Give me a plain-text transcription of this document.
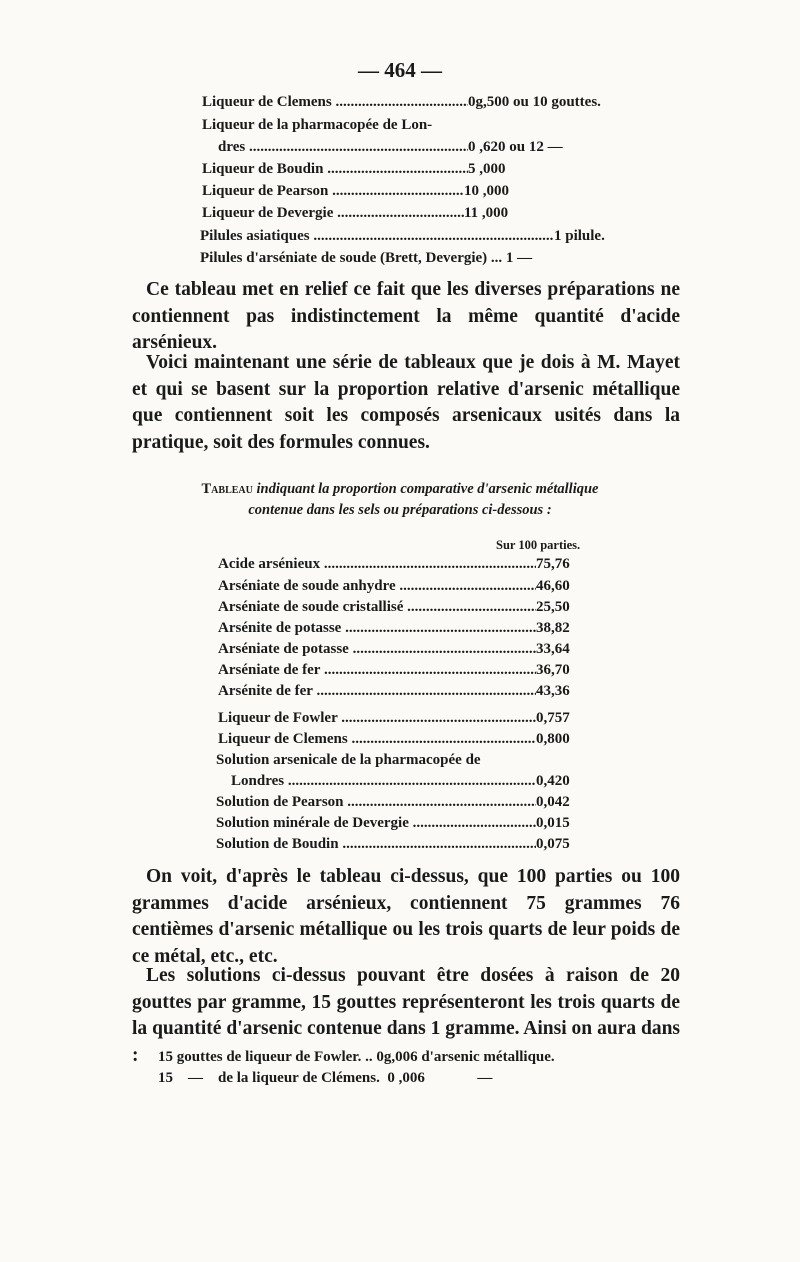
— 464 —
Liqueur de Clemens .....	0g,500 ou 10 gouttes.
Liqueur de la pharmacopée de Lon-
dres .....	0 ,620 ou 12 —
Liqueur de Boudin .....	5 ,000
Liqueur de Pearson .....	10 ,000
Liqueur de Devergie .....	11 ,000
Pilules asiatiques .....	1 pilule.
Pilules d'arséniate de soude (Brett, Devergie) ... 1 —
Ce tableau met en relief ce fait que les diverses préparations ne contiennent pas indistinctement la même quantité d'acide arsénieux.
Voici maintenant une série de tableaux que je dois à M. Mayet et qui se basent sur la proportion relative d'arsenic métallique que contiennent soit les composés arsenicaux usités dans la pratique, soit des formules connues.
Tableau indiquant la proportion comparative d'arsenic métallique
contenue dans les sels ou préparations ci-dessous :
Sur 100 parties.
Acide arsénieux .....	75,76
Arséniate de soude anhydre .....	46,60
Arséniate de soude cristallisé .....	25,50
Arsénite de potasse .....	38,82
Arséniate de potasse .....	33,64
Arséniate de fer .....	36,70
Arsénite de fer .....	43,36
Liqueur de Fowler .....	0,757
Liqueur de Clemens .....	0,800
Solution arsenicale de la pharmacopée de
Londres .....	0,420
Solution de Pearson .....	0,042
Solution minérale de Devergie .....	0,015
Solution de Boudin .....	0,075
On voit, d'après le tableau ci-dessus, que 100 parties ou 100 grammes d'acide arsénieux, contiennent 75 grammes 76 centièmes d'arsenic métallique ou les trois quarts de leur poids de ce métal, etc., etc.
Les solutions ci-dessus pouvant être dosées à raison de 20 gouttes par gramme, 15 gouttes représenteront les trois quarts de la quantité d'arsenic contenue dans 1 gramme. Ainsi on aura dans :	15 gouttes de liqueur de Fowler. .. 0g,006 d'arsenic métallique.
15    —    de la liqueur de Clémens.  0 ,006              —
